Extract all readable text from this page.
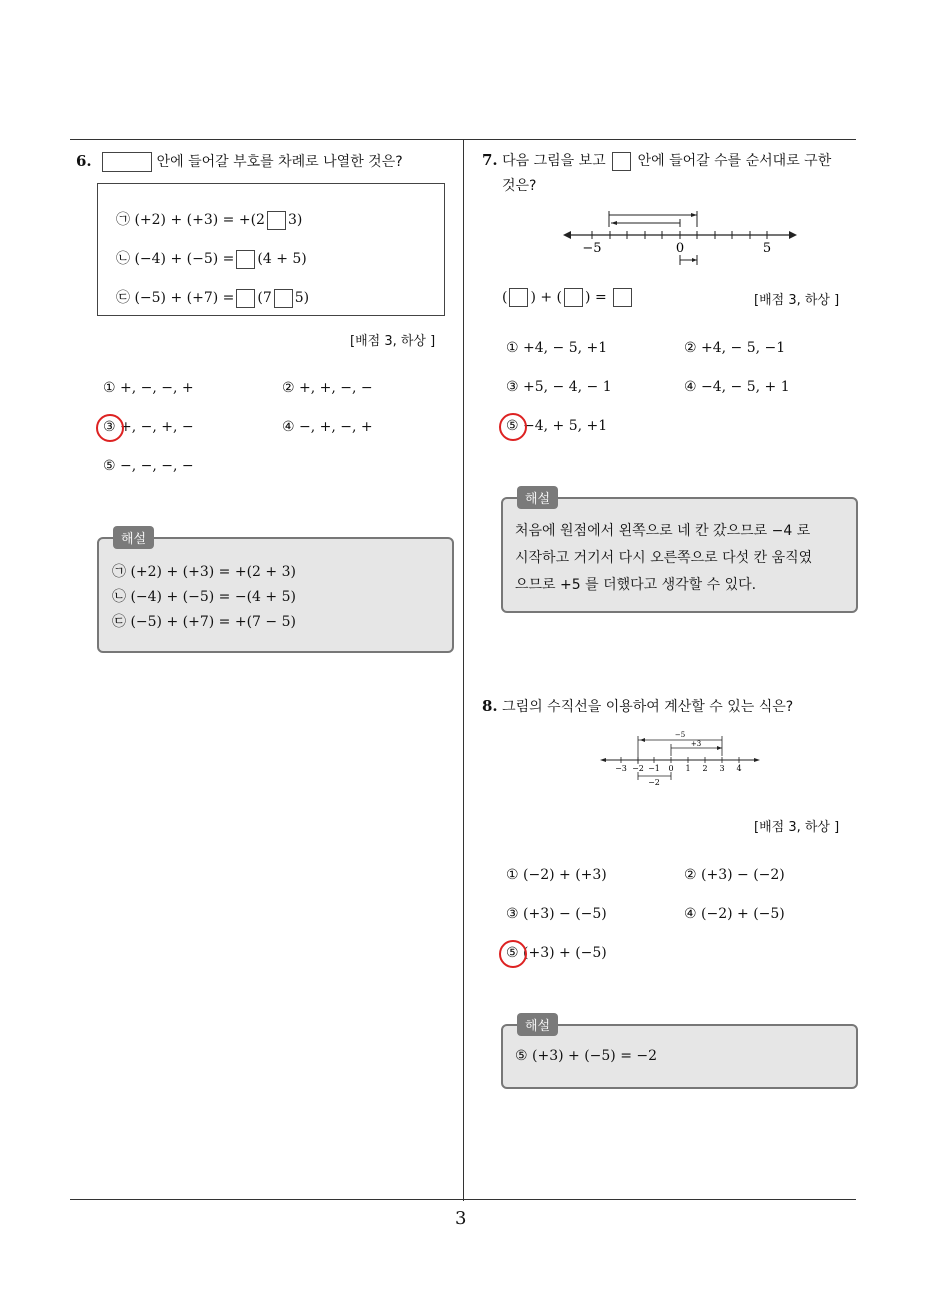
3
6.	안에 들어갈 부호를 차례로 나열한 것은?
㉠ (+2) + (+3) = +(2 3)
㉡ (−4) + (−5) = (4 + 5)
㉢ (−5) + (+7) = (7 5)
[배점 3, 하상 ]
① +, −, −, +	② +, +, −, −
③ +, −, +, −	④ −, +, −, +
⑤ −, −, −, −
해설
㉠ (+2) + (+3) = +(2 + 3)
㉡ (−4) + (−5) = −(4 + 5)
㉢ (−5) + (+7) = +(7 − 5)
7. 다음 그림을 보고 안에 들어갈 수를 순서대로 구한
것은?
−5	0	5
( ) + ( ) =	[배점 3, 하상 ]
① +4, − 5, +1	② +4, − 5, −1
③ +5, − 4, − 1	④ −4, − 5, + 1
⑤ −4, + 5, +1
해설
처음에 원점에서 왼쪽으로 네 칸 갔으므로 −4 로
시작하고 거기서 다시 오른쪽으로 다섯 칸 움직였
으므로 +5 를 더했다고 생각할 수 있다.
8. 그림의 수직선을 이용하여 계산할 수 있는 식은?
−3 −2 −1 0 1 2 3 4
−5
+3
−2
[배점 3, 하상 ]
① (−2) + (+3)	② (+3) − (−2)
③ (+3) − (−5)	④ (−2) + (−5)
⑤ (+3) + (−5)
해설
⑤ (+3) + (−5) = −2
